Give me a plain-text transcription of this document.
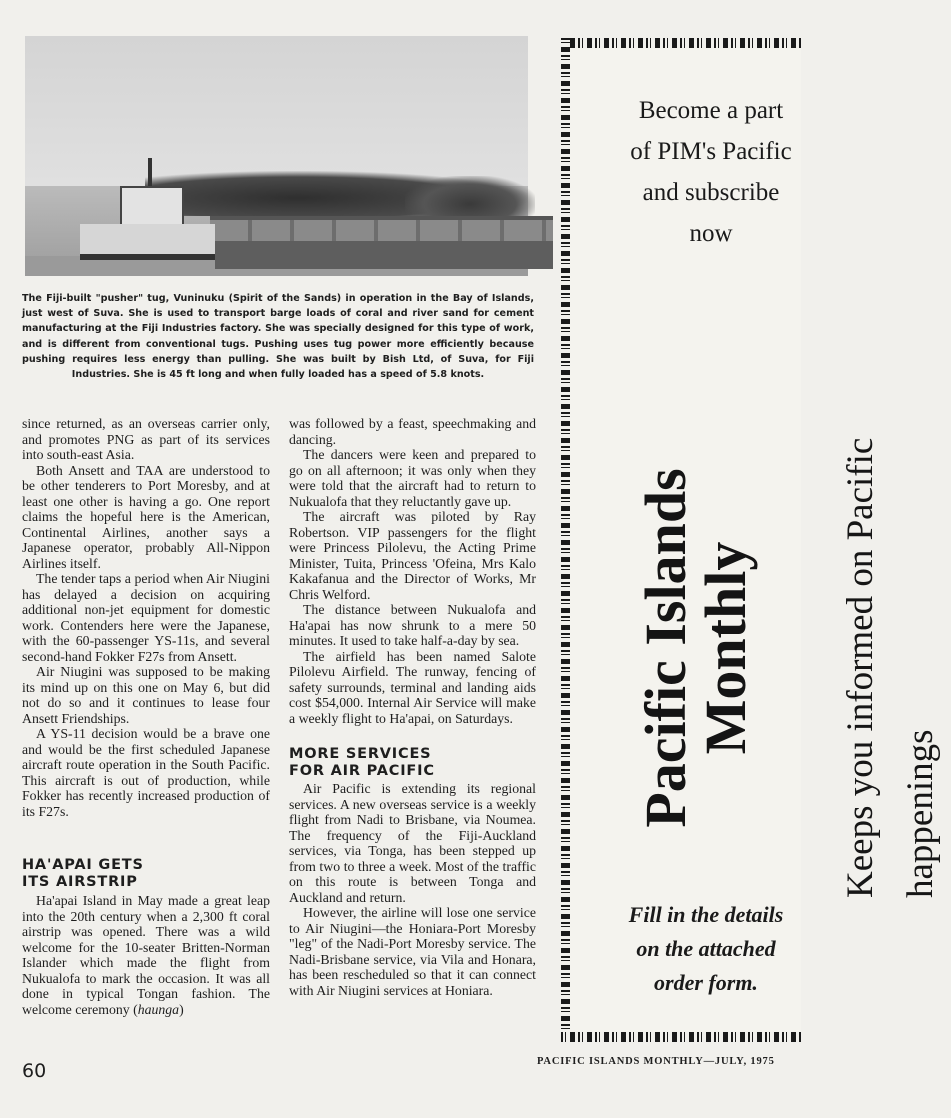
The Fiji-built "pusher" tug, Vuninuku (Spirit of the Sands) in operation in the Bay of Islands, just west of Suva. She is used to transport barge loads of coral and river sand for cement manufacturing at the Fiji Industries factory. She was specially designed for this type of work, and is different from conventional tugs. Pushing uses tug power more efficiently because pushing requires less energy than pulling. She was built by Bish Ltd, of Suva, for Fiji Industries. She is 45 ft long and when fully loaded has a speed of 5.8 knots.

since returned, as an overseas carrier only, and promotes PNG as part of its services into south-east Asia.

Both Ansett and TAA are understood to be other tenderers to Port Moresby, and at least one other is having a go. One report claims the hopeful here is the American, Continental Airlines, another says a Japanese operator, probably All-Nippon Airlines itself.

The tender taps a period when Air Niugini has delayed a decision on acquiring additional non-jet equipment for domestic work. Contenders here were the Japanese, with the 60-passenger YS-11s, and several second-hand Fokker F27s from Ansett.

Air Niugini was supposed to be making its mind up on this one on May 6, but did not do so and it continues to lease four Ansett Friendships.

A YS-11 decision would be a brave one and would be the first scheduled Japanese aircraft route operation in the South Pacific. This aircraft is out of production, while Fokker has recently increased production of its F27s.

HA'APAI GETS ITS AIRSTRIP

Ha'apai Island in May made a great leap into the 20th century when a 2,300 ft coral airstrip was opened. There was a wild welcome for the 10-seater Britten-Norman Islander which made the flight from Nukualofa to mark the occasion. It was all done in typical Tongan fashion. The welcome ceremony (haunga)

was followed by a feast, speechmaking and dancing.

The dancers were keen and prepared to go on all afternoon; it was only when they were told that the aircraft had to return to Nukualofa that they reluctantly gave up.

The aircraft was piloted by Ray Robertson. VIP passengers for the flight were Princess Pilolevu, the Acting Prime Minister, Tuita, Princess 'Ofeina, Mrs Kalo Kakafanua and the Director of Works, Mr Chris Welford.

The distance between Nukualofa and Ha'apai has now shrunk to a mere 50 minutes. It used to take half-a-day by sea.

The airfield has been named Salote Pilolevu Airfield. The runway, fencing of safety surrounds, terminal and landing aids cost $54,000. Internal Air Service will make a weekly flight to Ha'apai, on Saturdays.

MORE SERVICES FOR AIR PACIFIC

Air Pacific is extending its regional services. A new overseas service is a weekly flight from Nadi to Brisbane, via Noumea. The frequency of the Fiji-Auckland services, via Tonga, has been stepped up from two to three a week. Most of the traffic on this route is between Tonga and Auckland and return.

However, the airline will lose one service to Air Niugini—the Honiara-Port Moresby "leg" of the Nadi-Port Moresby service. The Nadi-Brisbane service, via Vila and Honara, has been rescheduled so that it can connect with Air Niugini services at Honiara.

Become a part
of PIM's Pacific
and subscribe
now

Pacific Islands
Monthly Keeps you informed on Pacific happenings

Fill in the details
on the attached
order form.

60	PACIFIC ISLANDS MONTHLY—JULY, 1975
